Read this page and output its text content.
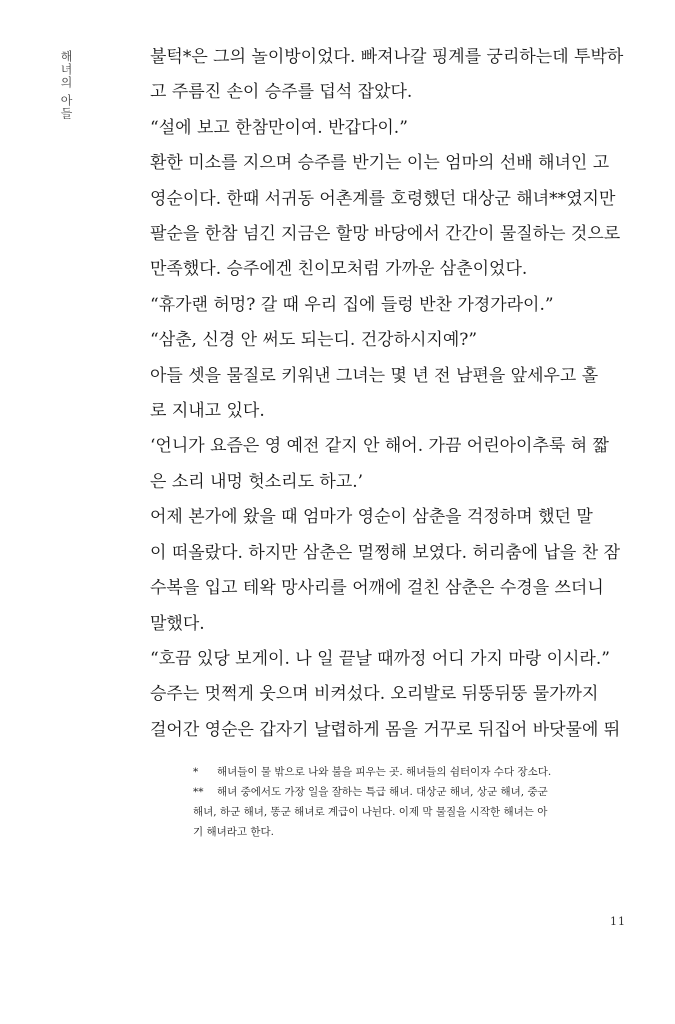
해녀의 아들	불턱*은 그의 놀이방이었다. 빠져나갈 핑계를 궁리하는데 투박하

고 주름진 손이 승주를 덥석 잡았다.

“설에 보고 한참만이여. 반갑다이.”

환한 미소를 지으며 승주를 반기는 이는 엄마의 선배 해녀인 고

영순이다. 한때 서귀동 어촌계를 호령했던 대상군 해녀**였지만

팔순을 한참 넘긴 지금은 할망 바당에서 간간이 물질하는 것으로

만족했다. 승주에겐 친이모처럼 가까운 삼춘이었다.

“휴가랜 허멍? 갈 때 우리 집에 들렁 반찬 가졍가라이.”

“삼춘, 신경 안 써도 되는디. 건강하시지예?”

아들 셋을 물질로 키워낸 그녀는 몇 년 전 남편을 앞세우고 홀

로 지내고 있다.

‘언니가 요즘은 영 예전 같지 안 해어. 가끔 어린아이추룩 혀 짧

은 소리 내멍 헛소리도 하고.’

어제 본가에 왔을 때 엄마가 영순이 삼춘을 걱정하며 했던 말

이 떠올랐다. 하지만 삼춘은 멀쩡해 보였다. 허리춤에 납을 찬 잠

수복을 입고 테왁 망사리를 어깨에 걸친 삼춘은 수경을 쓰더니

말했다.

“호끔 있당 보게이. 나 일 끝날 때까정 어디 가지 마랑 이시라.”

승주는 멋쩍게 웃으며 비켜섰다. 오리발로 뒤뚱뒤뚱 물가까지

걸어간 영순은 갑자기 날렵하게 몸을 거꾸로 뒤집어 바닷물에 뛰

*	해녀들이 물 밖으로 나와 불을 피우는 곳. 해녀들의 쉼터이자 수다 장소다.
**	해녀 중에서도 가장 일을 잘하는 특급 해녀. 대상군 해녀, 상군 해녀, 중군
해녀, 하군 해녀, 똥군 해녀로 계급이 나뉜다. 이제 막 물질을 시작한 해녀는 아
기 해녀라고 한다.
11
